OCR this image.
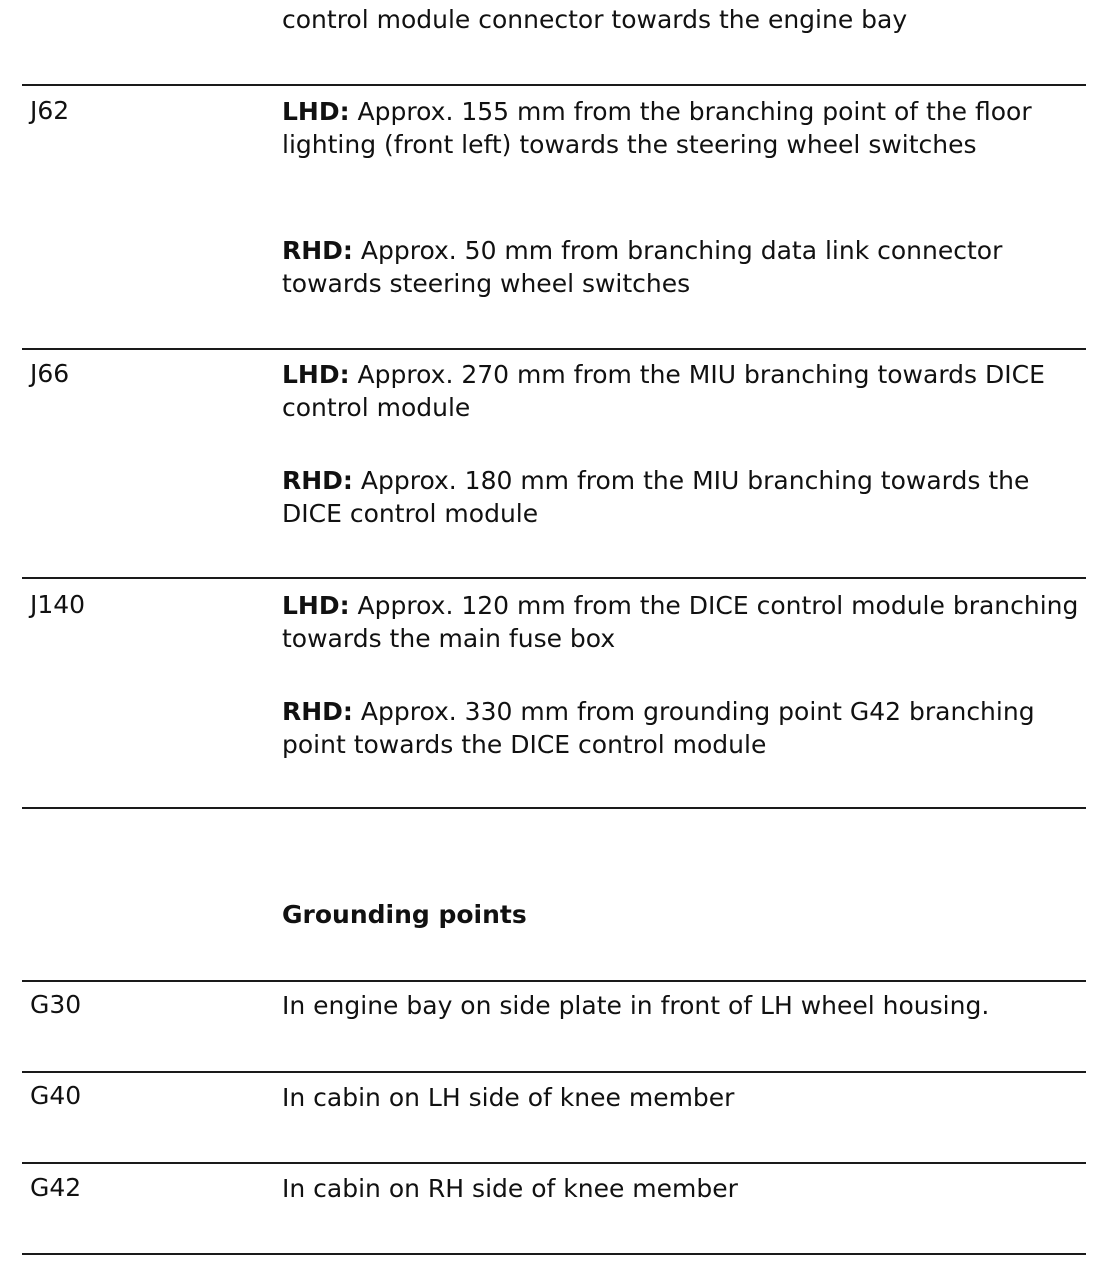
control module connector towards the engine bay
J62	LHD: Approx. 155 mm from the branching point of the floor lighting (front left) towards the steering wheel switches
RHD: Approx. 50 mm from branching data link connector towards steering wheel switches
J66	LHD: Approx. 270 mm from the MIU branching towards DICE control module
RHD: Approx. 180 mm from the MIU branching towards the DICE control module
J140	LHD: Approx. 120 mm from the DICE control module branching towards the main fuse box
RHD: Approx. 330 mm from grounding point G42 branching point towards the DICE control module
Grounding points
G30	In engine bay on side plate in front of LH wheel housing.
G40	In cabin on LH side of knee member
G42	In cabin on RH side of knee member
